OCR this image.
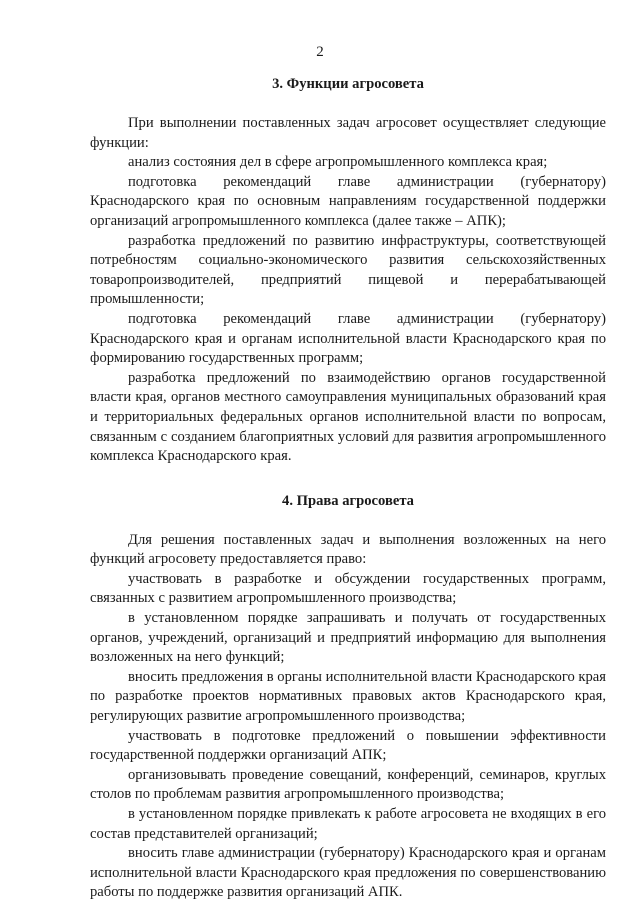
2
3. Функции агросовета

При выполнении поставленных задач агросовет осуществляет следующие функции:

анализ состояния дел в сфере агропромышленного комплекса края;

подготовка рекомендаций главе администрации (губернатору) Краснодарского края по основным направлениям государственной поддержки организаций агропромышленного комплекса (далее также – АПК);

разработка предложений по развитию инфраструктуры, соответствующей потребностям социально-экономического развития сельскохозяйственных товаропроизводителей, предприятий пищевой и перерабатывающей промышленности;

подготовка рекомендаций главе администрации (губернатору) Краснодарского края и органам исполнительной власти Краснодарского края по формированию государственных программ;

разработка предложений по взаимодействию органов государственной власти края, органов местного самоуправления муниципальных образований края и территориальных федеральных органов исполнительной власти по вопросам, связанным с созданием благоприятных условий для развития агропромышленного комплекса Краснодарского края.

4. Права агросовета

Для решения поставленных задач и выполнения возложенных на него функций агросовету предоставляется право:

участвовать в разработке и обсуждении государственных программ, связанных с развитием агропромышленного производства;

в установленном порядке запрашивать и получать от государственных органов, учреждений, организаций и предприятий информацию для выполнения возложенных на него функций;

вносить предложения в органы исполнительной власти Краснодарского края по разработке проектов нормативных правовых актов Краснодарского края, регулирующих развитие агропромышленного производства;

участвовать в подготовке предложений о повышении эффективности государственной поддержки организаций АПК;

организовывать проведение совещаний, конференций, семинаров, круглых столов по проблемам развития агропромышленного производства;

в установленном порядке привлекать к работе агросовета не входящих в его состав представителей организаций;

вносить главе администрации (губернатору) Краснодарского края и органам исполнительной власти Краснодарского края предложения по совершенствованию работы по поддержке развития организаций АПК.
